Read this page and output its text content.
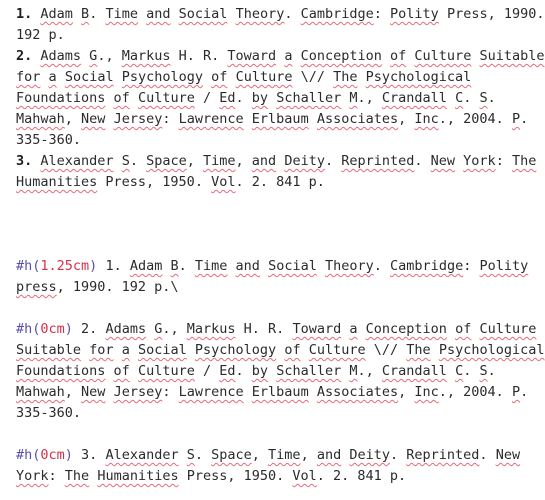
1. Adam B. Time and Social Theory. Cambridge: Polity Press, 1990.
192 p.
2. Adams G., Markus H. R. Toward a Conception of Culture Suitable
for a Social Psychology of Culture \// The Psychological
Foundations of Culture / Ed. by Schaller M., Crandall C. S.
Mahwah, New Jersey: Lawrence Erlbaum Associates, Inc., 2004. P.
335-360.
3. Alexander S. Space, Time, and Deity. Reprinted. New York: The
Humanities Press, 1950. Vol. 2. 841 p.
#h(1.25cm) 1. Adam B. Time and Social Theory. Cambridge: Polity
press, 1990. 192 p.\
#h(0cm) 2. Adams G., Markus H. R. Toward a Conception of Culture
Suitable for a Social Psychology of Culture \// The Psychological
Foundations of Culture / Ed. by Schaller M., Crandall C. S.
Mahwah, New Jersey: Lawrence Erlbaum Associates, Inc., 2004. P.
335-360.
#h(0cm) 3. Alexander S. Space, Time, and Deity. Reprinted. New
York: The Humanities Press, 1950. Vol. 2. 841 p.
